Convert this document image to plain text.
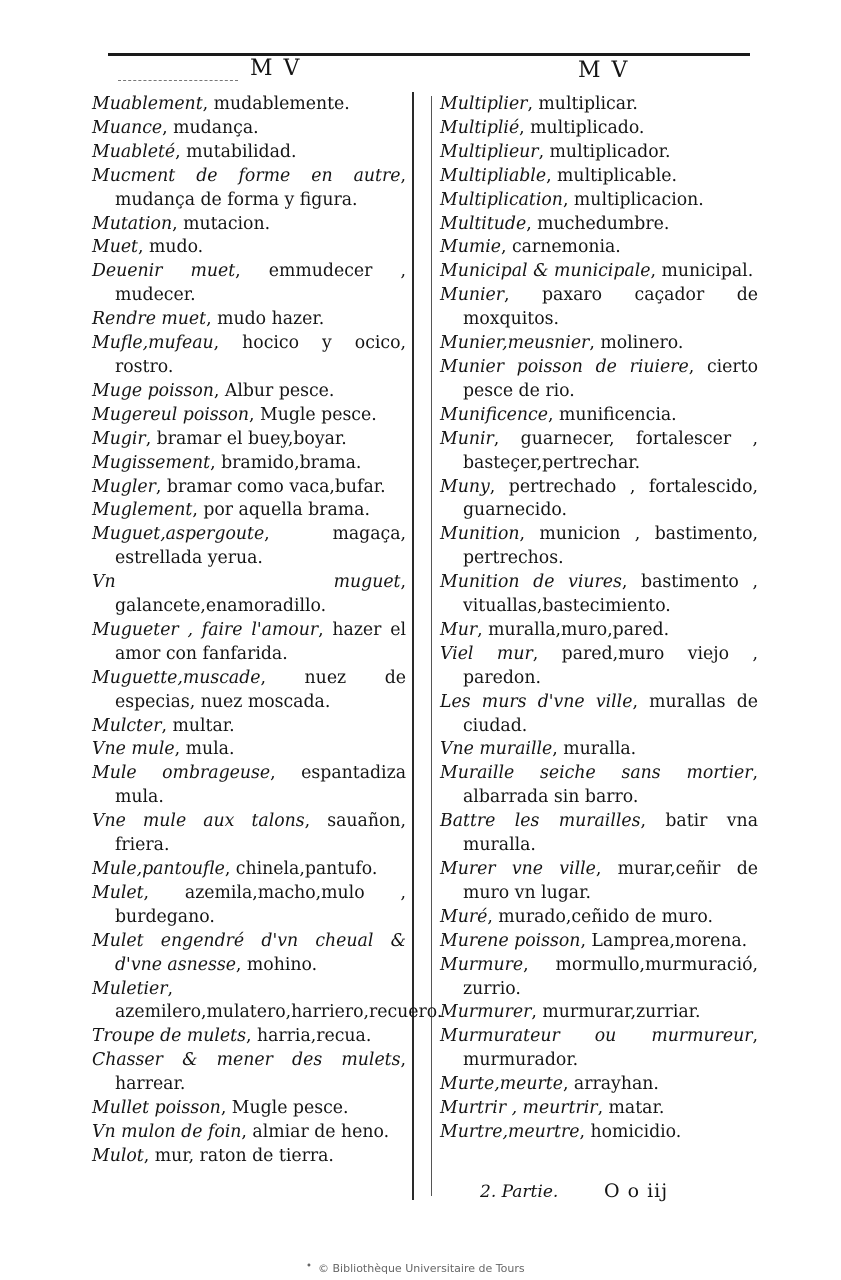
M V	M V

Muablement, mudablemente.

Muance, mudança.

Muableté, mutabilidad.

Mucment de forme en autre, mudança de forma y figura.

Mutation, mutacion.

Muet, mudo.

Deuenir muet, emmudecer , mudecer.

Rendre muet, mudo hazer.

Mufle,mufeau, hocico y ocico, rostro.

Muge poisson, Albur pesce.

Mugereul poisson, Mugle pesce.

Mugir, bramar el buey,boyar.

Mugissement, bramido,brama.

Mugler, bramar como vaca,bufar.

Muglement, por aquella brama.

Muguet,aspergoute, magaça, estrellada yerua.

Vn muguet, galancete,enamoradillo.

Mugueter , faire l'amour, hazer el amor con fanfarida.

Muguette,muscade, nuez de especias, nuez moscada.

Mulcter, multar.

Vne mule, mula.

Mule ombrageuse, espantadiza mula.

Vne mule aux talons, sauañon, friera.

Mule,pantoufle, chinela,pantufo.

Mulet, azemila,macho,mulo , burdegano.

Mulet engendré d'vn cheual & d'vne asnesse, mohino.

Muletier, azemilero,mulatero,harriero,recuero.

Troupe de mulets, harria,recua.

Chasser & mener des mulets, harrear.

Mullet poisson, Mugle pesce.

Vn mulon de foin, almiar de heno.

Mulot, mur, raton de tierra.

Multiplier, multiplicar.

Multiplié, multiplicado.

Multiplieur, multiplicador.

Multipliable, multiplicable.

Multiplication, multiplicacion.

Multitude, muchedumbre.

Mumie, carnemonia.

Municipal & municipale, municipal.

Munier, paxaro caçador de moxquitos.

Munier,meusnier, molinero.

Munier poisson de riuiere, cierto pesce de rio.

Munificence, munificencia.

Munir, guarnecer, fortalescer , basteçer,pertrechar.

Muny, pertrechado , fortalescido, guarnecido.

Munition, municion , bastimento, pertrechos.

Munition de viures, bastimento , vituallas,bastecimiento.

Mur, muralla,muro,pared.

Viel mur, pared,muro viejo , paredon.

Les murs d'vne ville, murallas de ciudad.

Vne muraille, muralla.

Muraille seiche sans mortier, albarrada sin barro.

Battre les murailles, batir vna muralla.

Murer vne ville, murar,ceñir de muro vn lugar.

Muré, murado,ceñido de muro.

Murene poisson, Lamprea,morena.

Murmure, mormullo,murmuració, zurrio.

Murmurer, murmurar,zurriar.

Murmurateur ou murmureur, murmurador.

Murte,meurte, arrayhan.

Murtrir , meurtrir, matar.

Murtre,meurtre, homicidio.

2. Partie. O o iij
• © Bibliothèque Universitaire de Tours
